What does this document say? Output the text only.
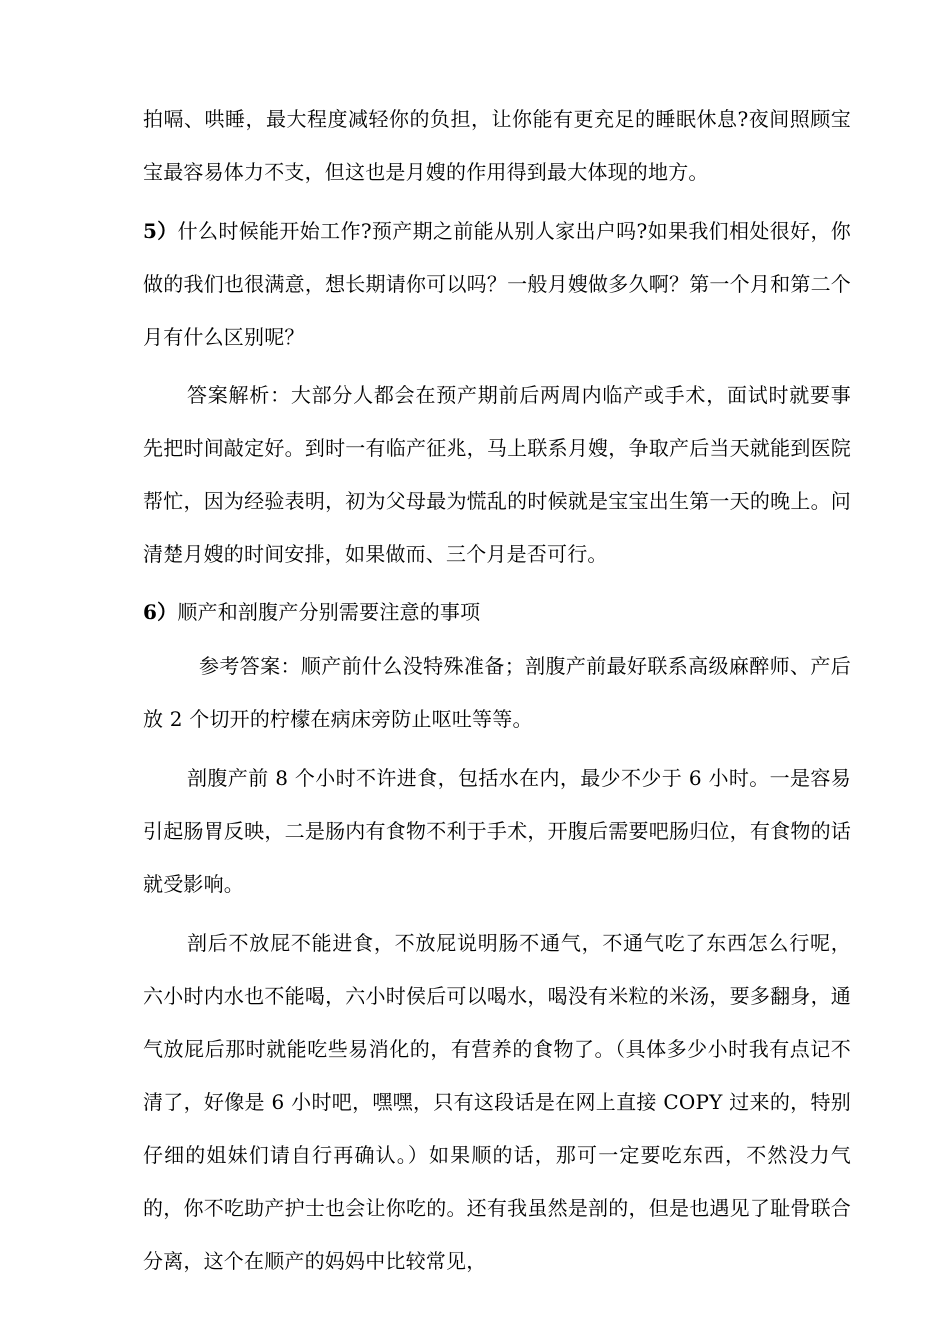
拍嗝、哄睡，最大程度减轻你的负担，让你能有更充足的睡眠休息?夜间照顾宝宝最容易体力不支，但这也是月嫂的作用得到最大体现的地方。

5）什么时候能开始工作?预产期之前能从别人家出户吗?如果我们相处很好，你做的我们也很满意，想长期请你可以吗？一般月嫂做多久啊？第一个月和第二个月有什么区别呢？

答案解析：大部分人都会在预产期前后两周内临产或手术，面试时就要事先把时间敲定好。到时一有临产征兆，马上联系月嫂，争取产后当天就能到医院帮忙，因为经验表明，初为父母最为慌乱的时候就是宝宝出生第一天的晚上。问清楚月嫂的时间安排，如果做而、三个月是否可行。

6）顺产和剖腹产分别需要注意的事项

参考答案：顺产前什么没特殊准备；剖腹产前最好联系高级麻醉师、产后放 2 个切开的柠檬在病床旁防止呕吐等等。

剖腹产前 8 个小时不许进食，包括水在内，最少不少于 6 小时。一是容易引起肠胃反映，二是肠内有食物不利于手术，开腹后需要吧肠归位，有食物的话就受影响。

剖后不放屁不能进食，不放屁说明肠不通气，不通气吃了东西怎么行呢，六小时内水也不能喝，六小时侯后可以喝水，喝没有米粒的米汤，要多翻身，通气放屁后那时就能吃些易消化的，有营养的食物了。（具体多少小时我有点记不清了，好像是 6 小时吧，嘿嘿，只有这段话是在网上直接 COPY 过来的，特别仔细的姐妹们请自行再确认。）如果顺的话，那可一定要吃东西，不然没力气的，你不吃助产护士也会让你吃的。还有我虽然是剖的，但是也遇见了耻骨联合分离，这个在顺产的妈妈中比较常见，
